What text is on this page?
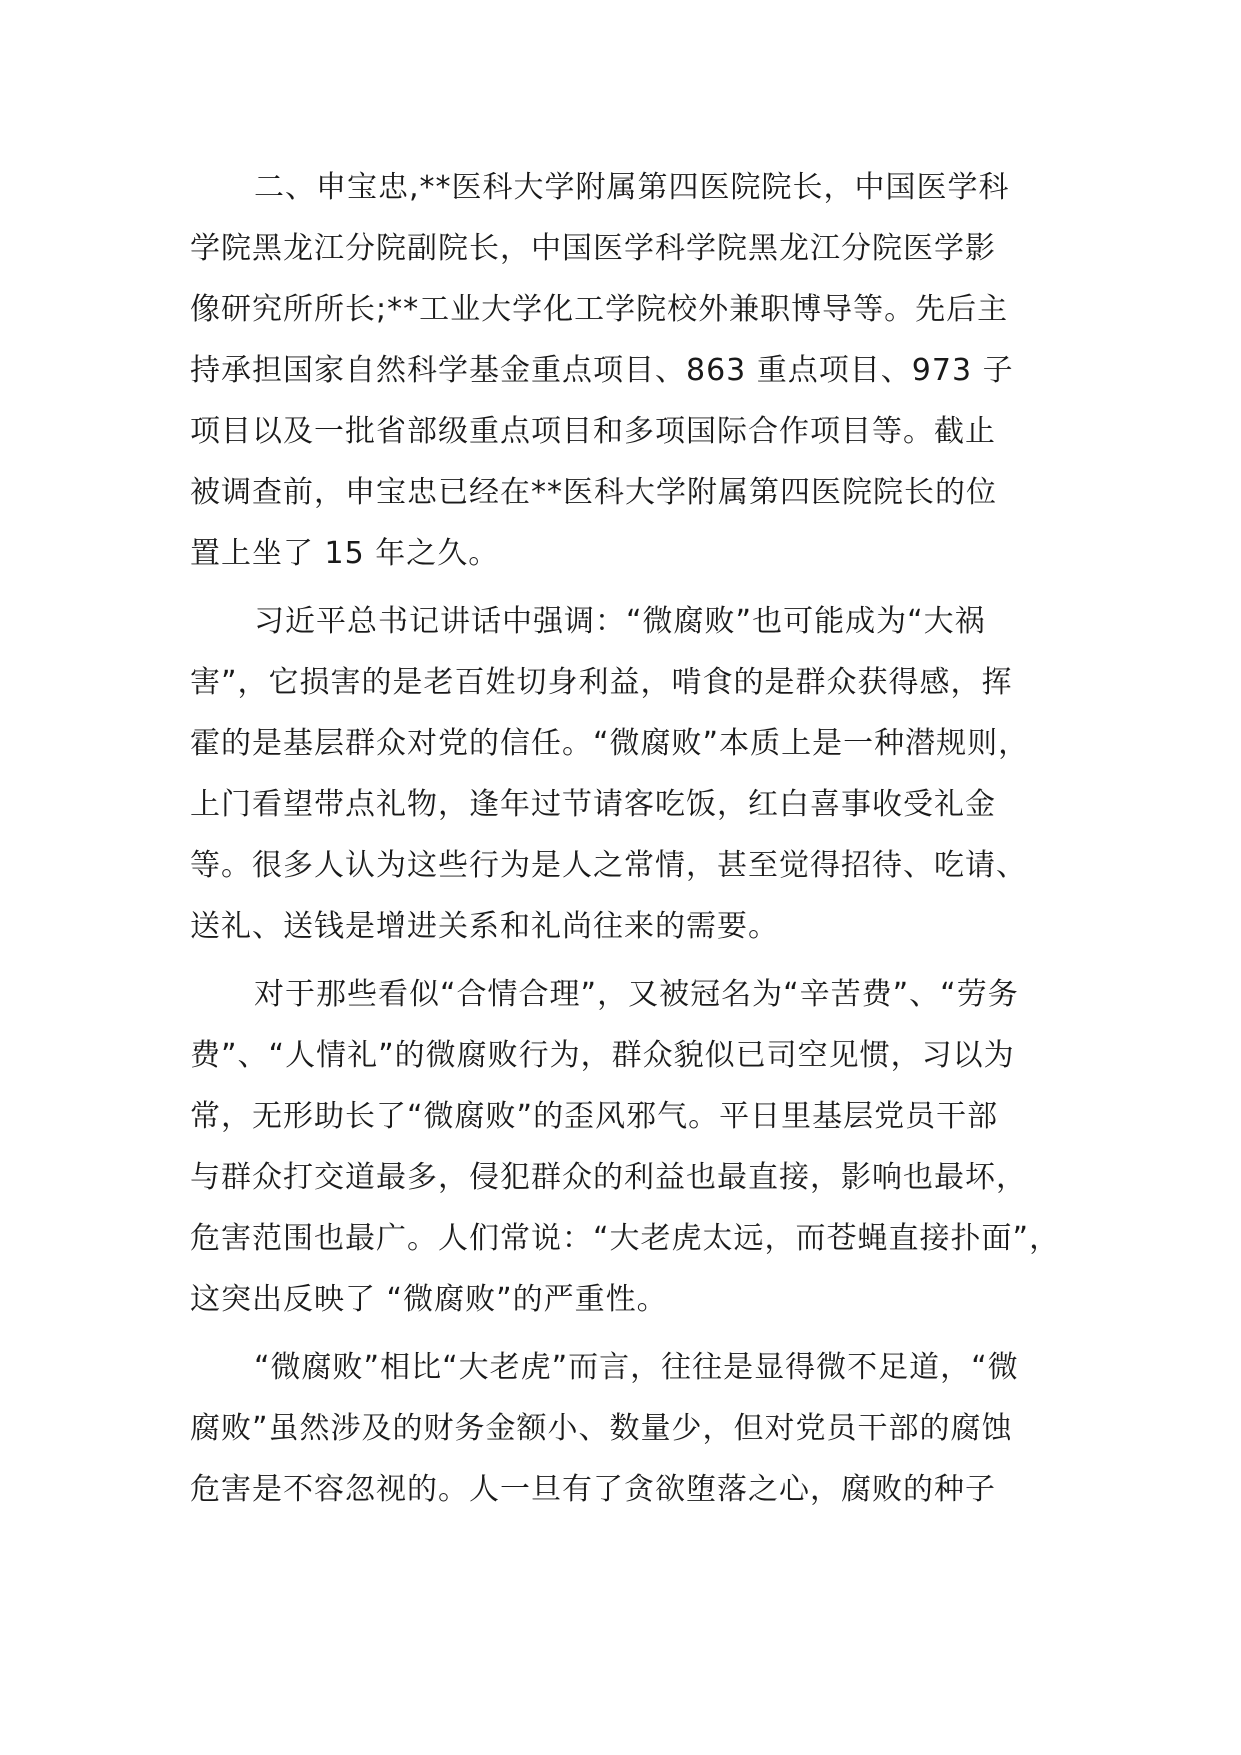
二、申宝忠,**医科大学附属第四医院院长，中国医学科
学院黑龙江分院副院长，中国医学科学院黑龙江分院医学影
像研究所所长;**工业大学化工学院校外兼职博导等。先后主
持承担国家自然科学基金重点项目、863 重点项目、973 子
项目以及一批省部级重点项目和多项国际合作项目等。截止
被调查前，申宝忠已经在**医科大学附属第四医院院长的位
置上坐了 15 年之久。
习近平总书记讲话中强调：“微腐败”也可能成为“大祸
害”，它损害的是老百姓切身利益，啃食的是群众获得感，挥
霍的是基层群众对党的信任。“微腐败”本质上是一种潜规则，
上门看望带点礼物，逢年过节请客吃饭，红白喜事收受礼金
等。很多人认为这些行为是人之常情，甚至觉得招待、吃请、
送礼、送钱是增进关系和礼尚往来的需要。
对于那些看似“合情合理”，又被冠名为“辛苦费”、“劳务
费”、“人情礼”的微腐败行为，群众貌似已司空见惯，习以为
常，无形助长了“微腐败”的歪风邪气。平日里基层党员干部
与群众打交道最多，侵犯群众的利益也最直接，影响也最坏，
危害范围也最广。人们常说：“大老虎太远，而苍蝇直接扑面”，
这突出反映了 “微腐败”的严重性。
“微腐败”相比“大老虎”而言，往往是显得微不足道，“微
腐败”虽然涉及的财务金额小、数量少，但对党员干部的腐蚀
危害是不容忽视的。人一旦有了贪欲堕落之心，腐败的种子
